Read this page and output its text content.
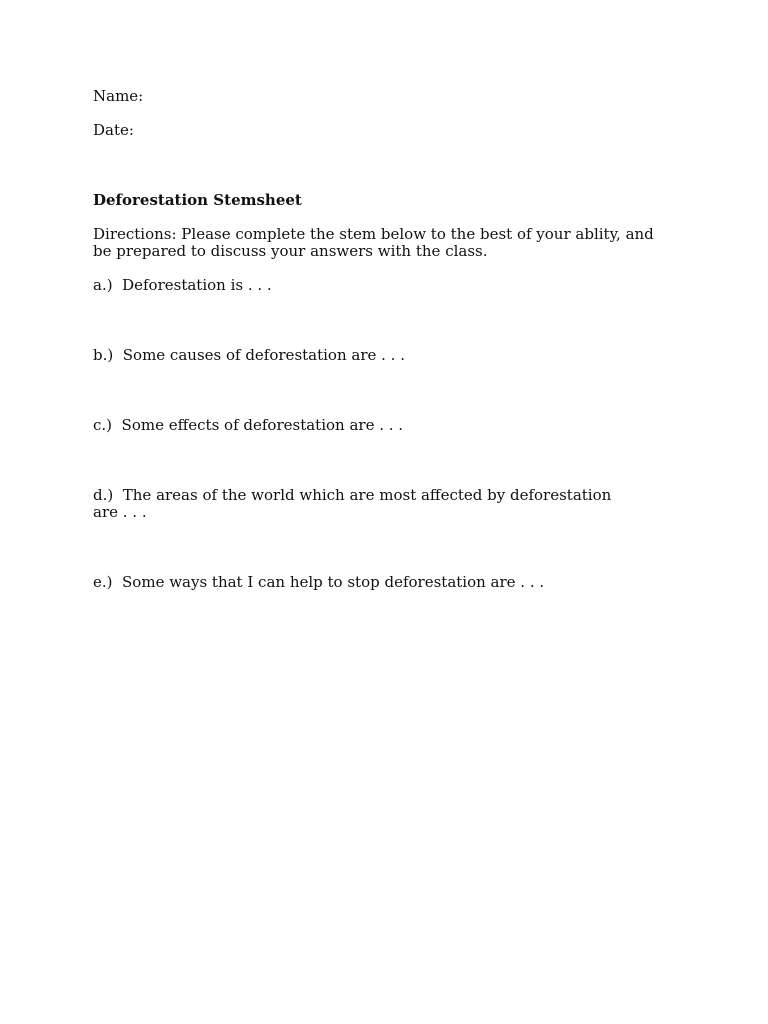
Name:
Date:
Deforestation Stemsheet
Directions: Please complete the stem below to the best of your ablity, and
be prepared to discuss your answers with the class.
a.)  Deforestation is . . .
b.)  Some causes of deforestation are . . .
c.)  Some effects of deforestation are . . .
d.)  The areas of the world which are most affected by deforestation
are . . .
e.)  Some ways that I can help to stop deforestation are . . .
